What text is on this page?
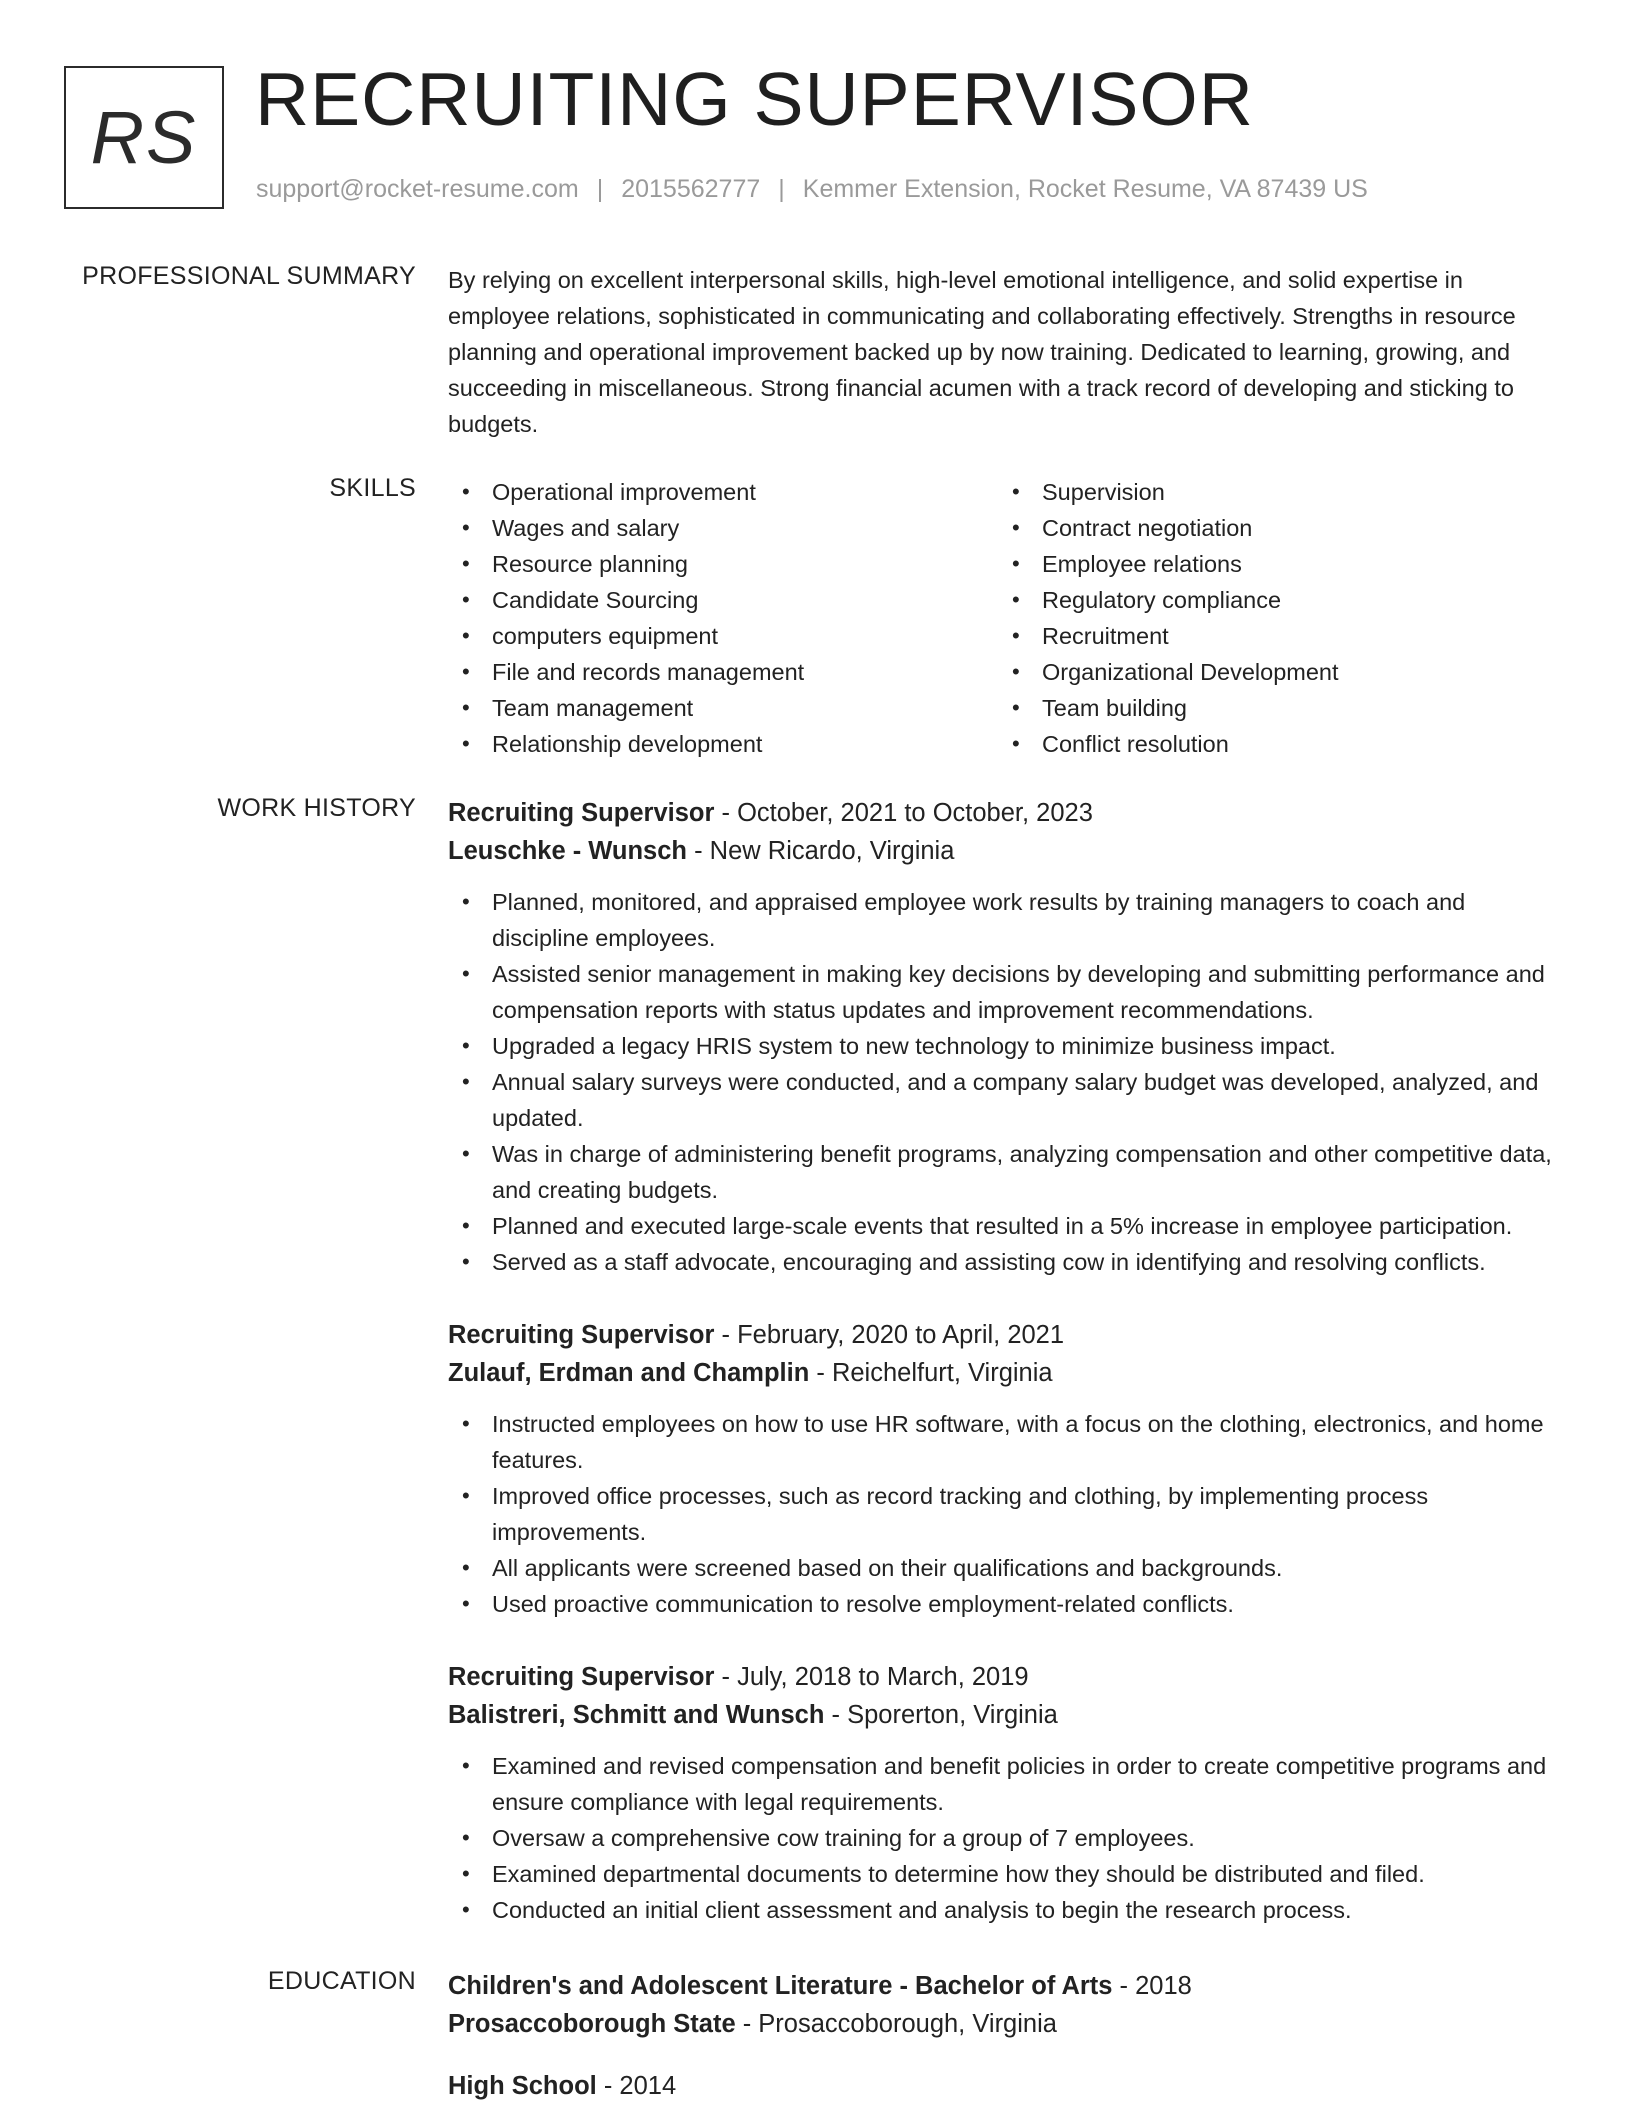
RS RECRUITING SUPERVISOR
support@rocket-resume.com | 2015562777 | Kemmer Extension, Rocket Resume, VA 87439 US
PROFESSIONAL SUMMARY By relying on excellent interpersonal skills, high-level emotional intelligence, and solid expertise in employee relations, sophisticated in communicating and collaborating effectively. Strengths in resource planning and operational improvement backed up by now training. Dedicated to learning, growing, and succeeding in miscellaneous. Strong financial acumen with a track record of developing and sticking to budgets.
SKILLS
•	Operational improvement
• Wages and salary
• Resource planning
• Candidate Sourcing
• computers equipment
• File and records management
• Team management
• Relationship development
• Supervision
• Contract negotiation
• Employee relations
• Regulatory compliance
• Recruitment
• Organizational Development
• Team building
• Conflict resolution
WORK HISTORY Recruiting Supervisor - October, 2021 to October, 2023
Leuschke - Wunsch - New Ricardo, Virginia
• Planned, monitored, and appraised employee work results by training managers to coach and discipline employees.
• Assisted senior management in making key decisions by developing and submitting performance and compensation reports with status updates and improvement recommendations.
• Upgraded a legacy HRIS system to new technology to minimize business impact.
• Annual salary surveys were conducted, and a company salary budget was developed, analyzed, and updated.
• Was in charge of administering benefit programs, analyzing compensation and other competitive data, and creating budgets.
• Planned and executed large-scale events that resulted in a 5% increase in employee participation.
• Served as a staff advocate, encouraging and assisting cow in identifying and resolving conflicts.
Recruiting Supervisor - February, 2020 to April, 2021
Zulauf, Erdman and Champlin - Reichelfurt, Virginia
• Instructed employees on how to use HR software, with a focus on the clothing, electronics, and home features.
• Improved office processes, such as record tracking and clothing, by implementing process improvements.
• All applicants were screened based on their qualifications and backgrounds.
• Used proactive communication to resolve employment-related conflicts.
Recruiting Supervisor - July, 2018 to March, 2019
Balistreri, Schmitt and Wunsch - Sporerton, Virginia
• Examined and revised compensation and benefit policies in order to create competitive programs and ensure compliance with legal requirements.
• Oversaw a comprehensive cow training for a group of 7 employees.
• Examined departmental documents to determine how they should be distributed and filed.
• Conducted an initial client assessment and analysis to begin the research process.
EDUCATION Children's and Adolescent Literature - Bachelor of Arts - 2018
Prosaccoborough State - Prosaccoborough, Virginia
High School - 2014
